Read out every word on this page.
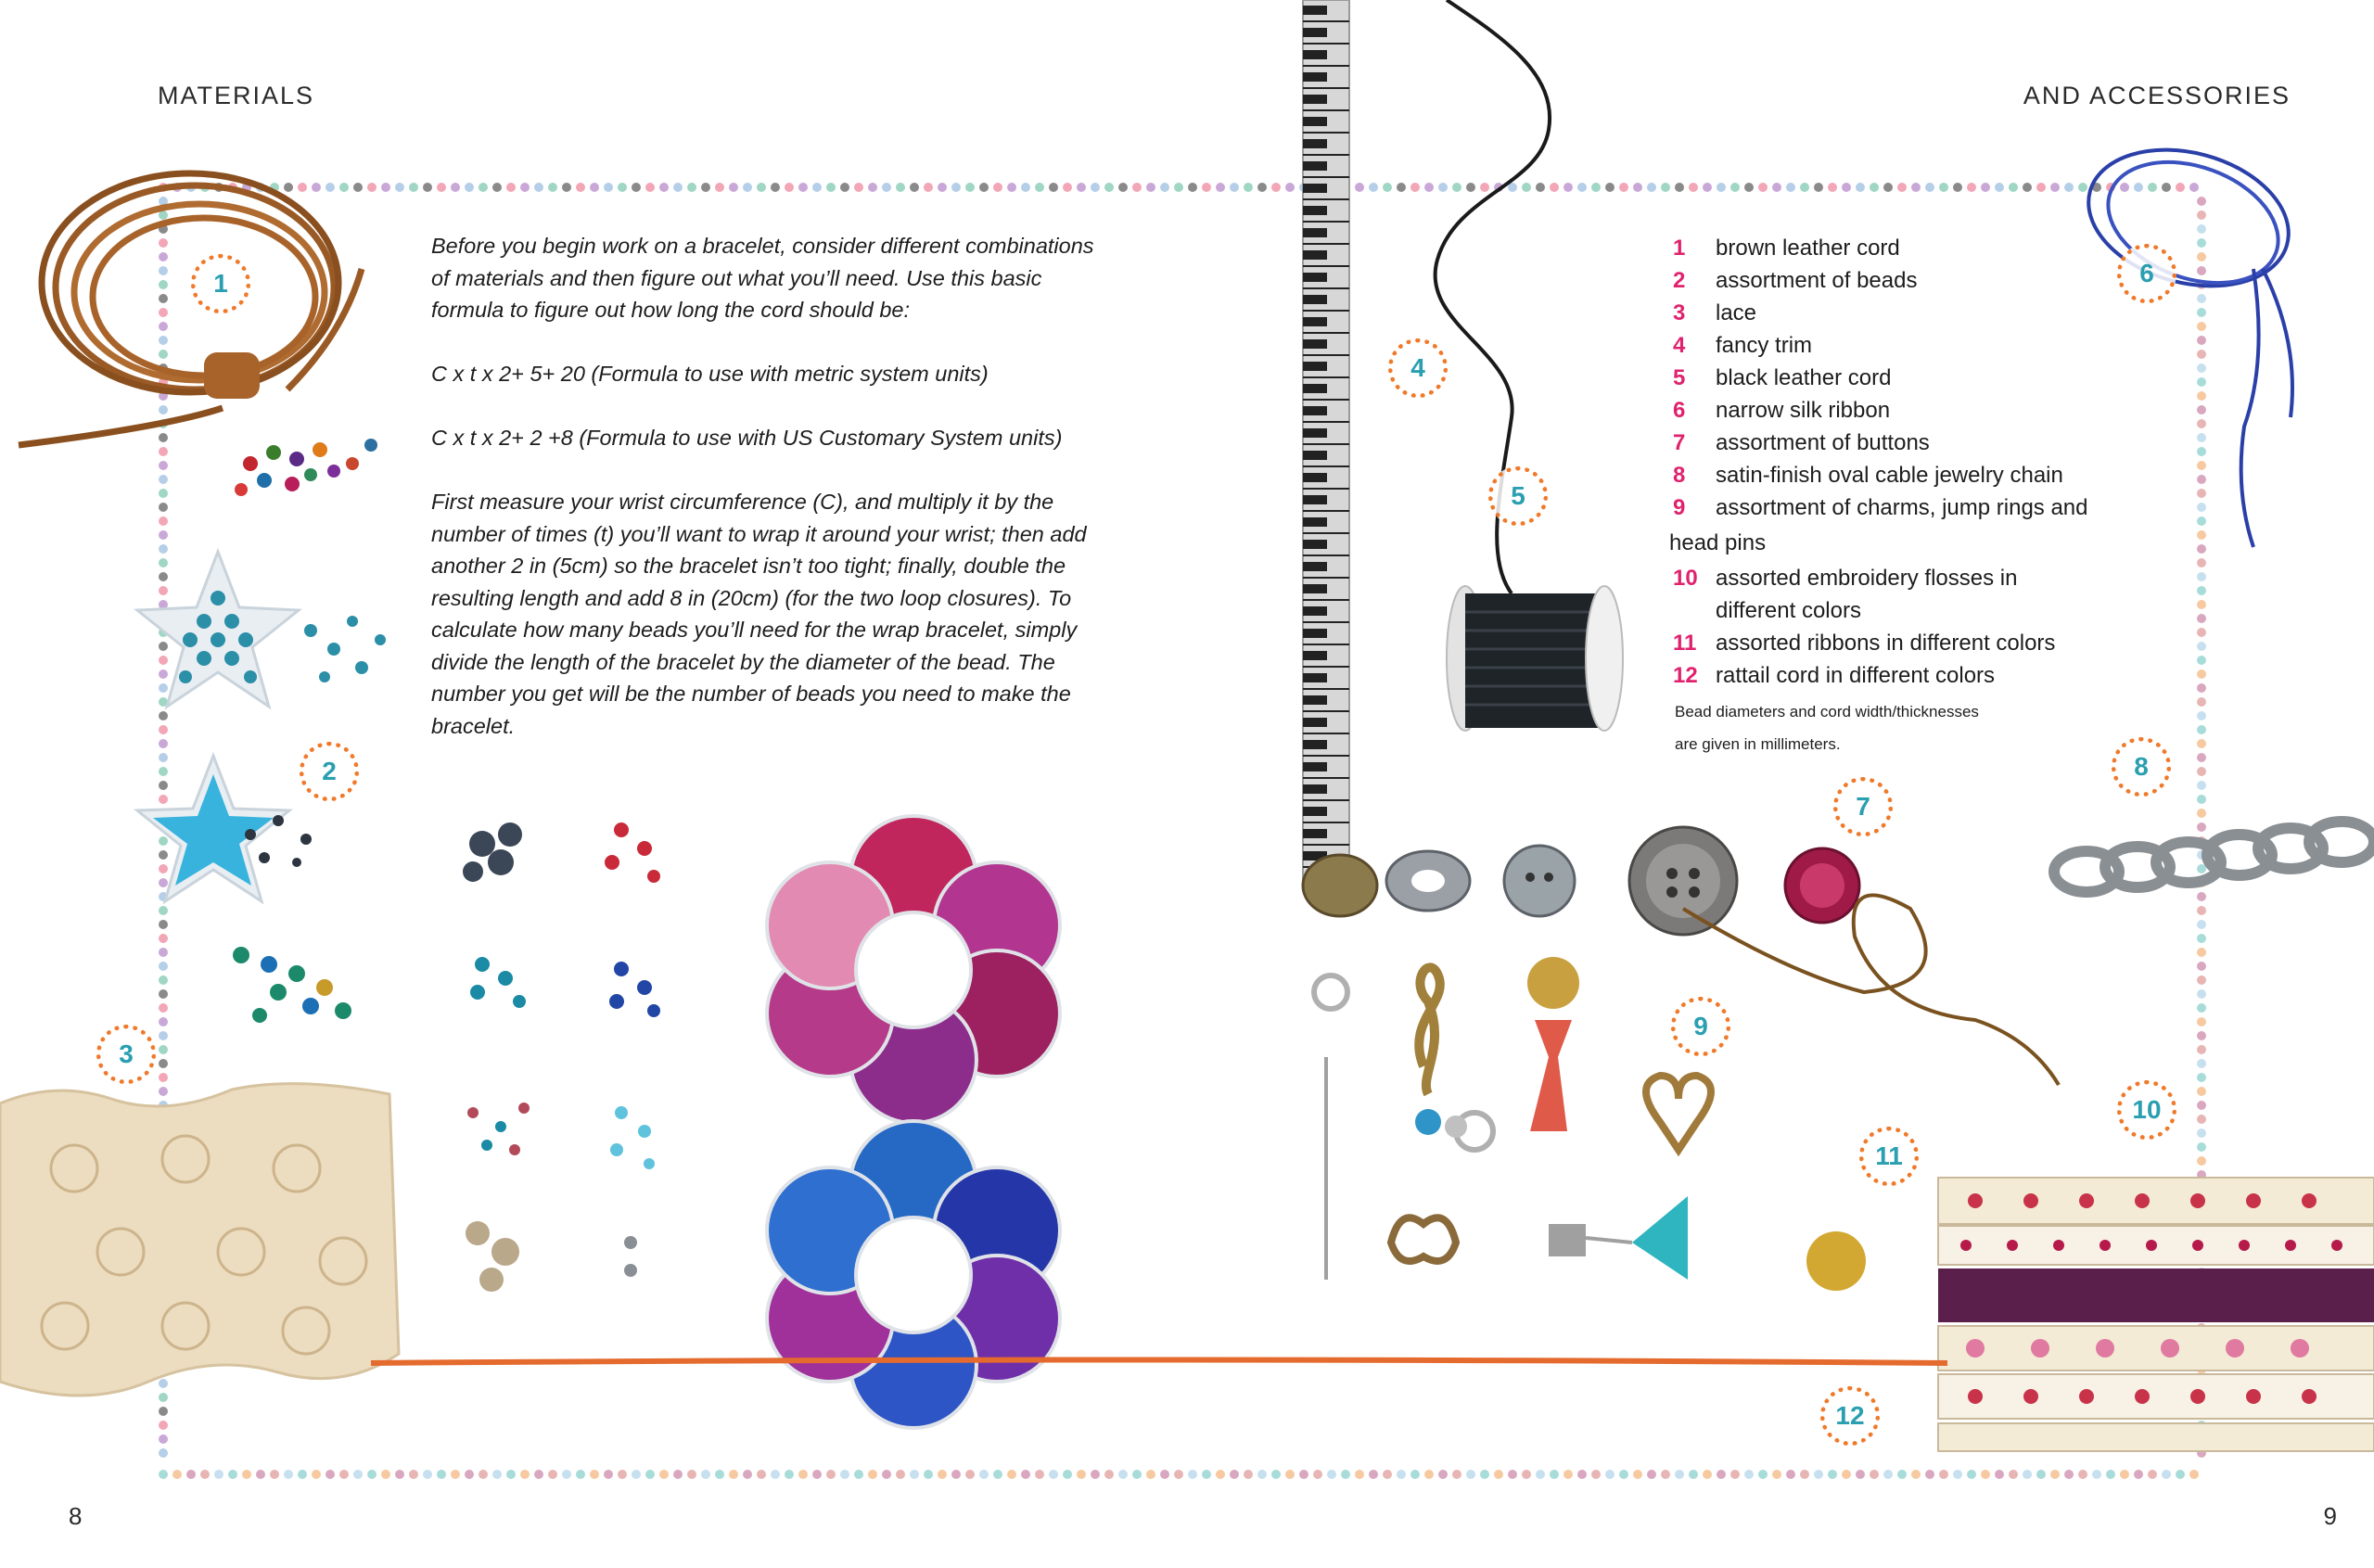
MATERIALS
8
AND ACCESSORIES
9

Before you begin work on a bracelet, consider different combinations of materials and then figure out what you’ll need. Use this basic formula to figure out how long the cord should be:

C x t x 2+ 5+ 20 (Formula to use with metric system units)

C x t x 2+ 2 +8 (Formula to use with US Customary System units)

First measure your wrist circumference (C), and multiply it by the number of times (t) you’ll want to wrap it around your wrist; then add another 2 in (5cm) so the bracelet isn’t too tight; finally, double the resulting length and add 8 in (20cm) (for the two loop closures). To calculate how many beads you’ll need for the wrap bracelet, simply divide the length of the bracelet by the diameter of the bead. The number you get will be the number of beads you need to make the bracelet.

1	brown leather cord
2	assortment of beads
3	lace
4	fancy trim
5	black leather cord
6	narrow silk ribbon
7	assortment of buttons
8	satin-finish oval cable jewelry chain
9	assortment of charms, jump rings and
head pins
10 assorted embroidery flosses in
different colors
11 assorted ribbons in different colors
12 rattail cord in different colors
Bead diameters and cord width/thicknesses
are given in millimeters.
1
2
3
4
5
6
7
8
9
10
11
12
